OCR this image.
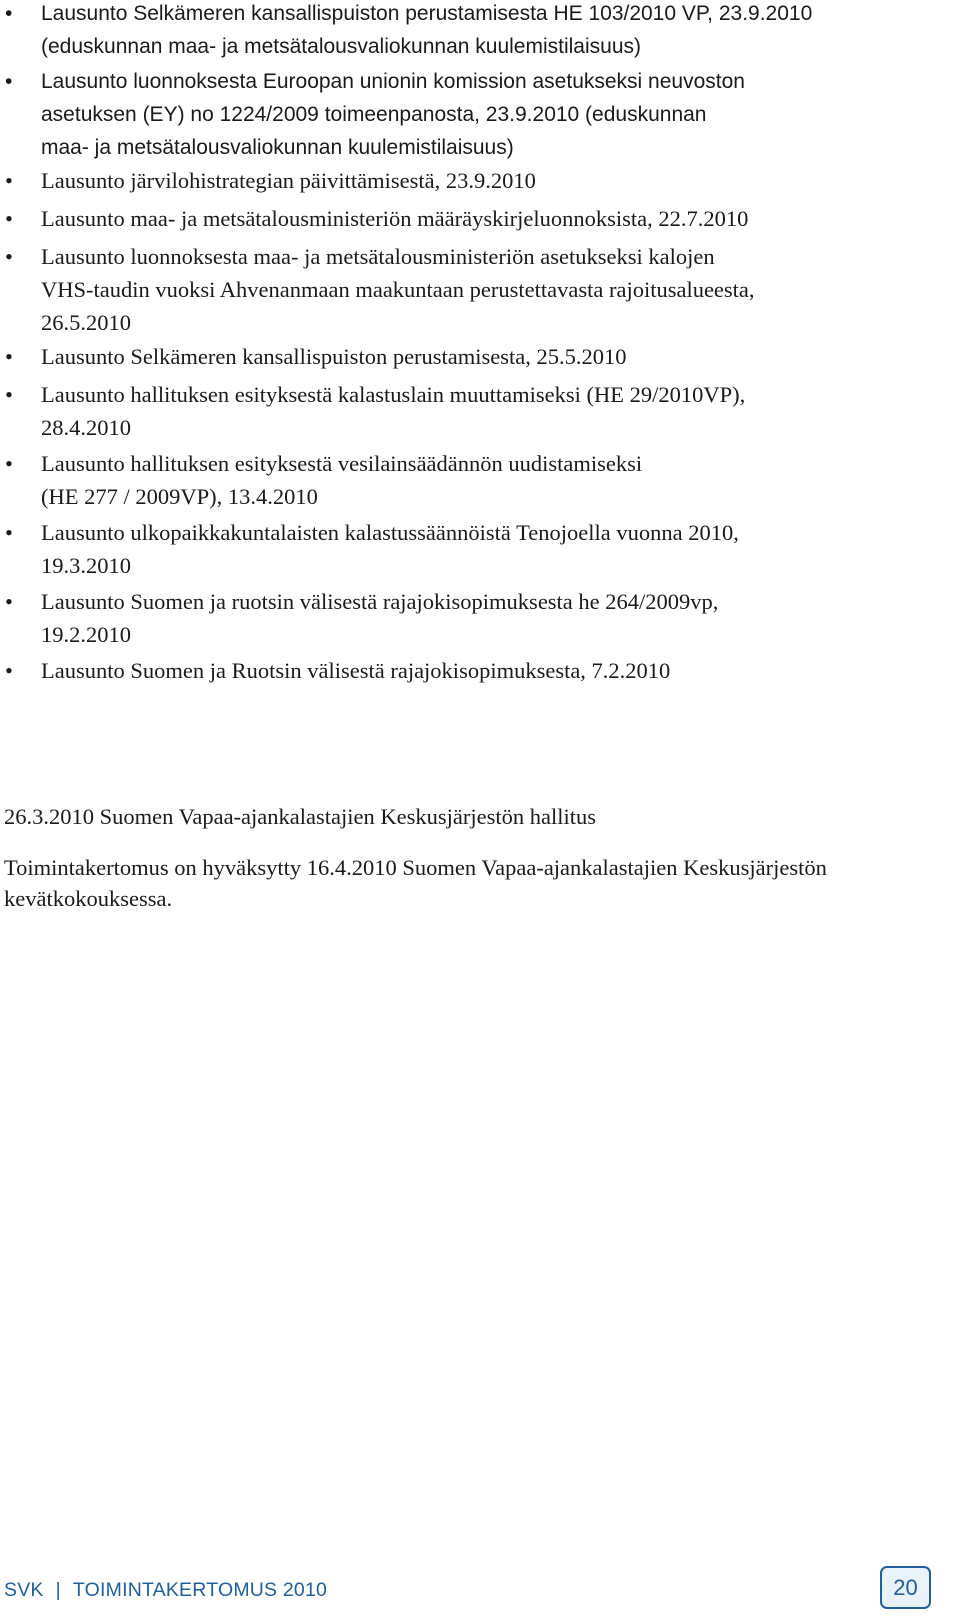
• Lausunto Selkämeren kansallispuiston perustamisesta HE 103/2010 VP, 23.9.2010
(eduskunnan maa- ja metsätalousvaliokunnan kuulemistilaisuus)
• Lausunto luonnoksesta Euroopan unionin komission asetukseksi neuvoston
asetuksen (EY) no 1224/2009 toimeenpanosta, 23.9.2010 (eduskunnan
maa- ja metsätalousvaliokunnan kuulemistilaisuus)
• Lausunto järvilohistrategian päivittämisestä, 23.9.2010
• Lausunto maa- ja metsätalousministeriön määräyskirjeluonnoksista, 22.7.2010
• Lausunto luonnoksesta maa- ja metsätalousministeriön asetukseksi kalojen
VHS-taudin vuoksi Ahvenanmaan maakuntaan perustettavasta rajoitusalueesta,
26.5.2010
• Lausunto Selkämeren kansallispuiston perustamisesta, 25.5.2010
• Lausunto hallituksen esityksestä kalastuslain muuttamiseksi (HE 29/2010VP),
28.4.2010
• Lausunto hallituksen esityksestä vesilainsäädännön uudistamiseksi
(HE 277 / 2009VP), 13.4.2010
• Lausunto ulkopaikkakuntalaisten kalastussäännöistä Tenojoella vuonna 2010,
19.3.2010
• Lausunto Suomen ja ruotsin välisestä rajajokisopimuksesta he 264/2009vp,
19.2.2010
• Lausunto Suomen ja Ruotsin välisestä rajajokisopimuksesta, 7.2.2010
26.3.2010 Suomen Vapaa-ajankalastajien Keskusjärjestön hallitus
Toimintakertomus on hyväksytty 16.4.2010 Suomen Vapaa-ajankalastajien Keskusjärjestön
kevätkokouksessa.
SVK | TOIMINTAKERTOMUS 2010	20
